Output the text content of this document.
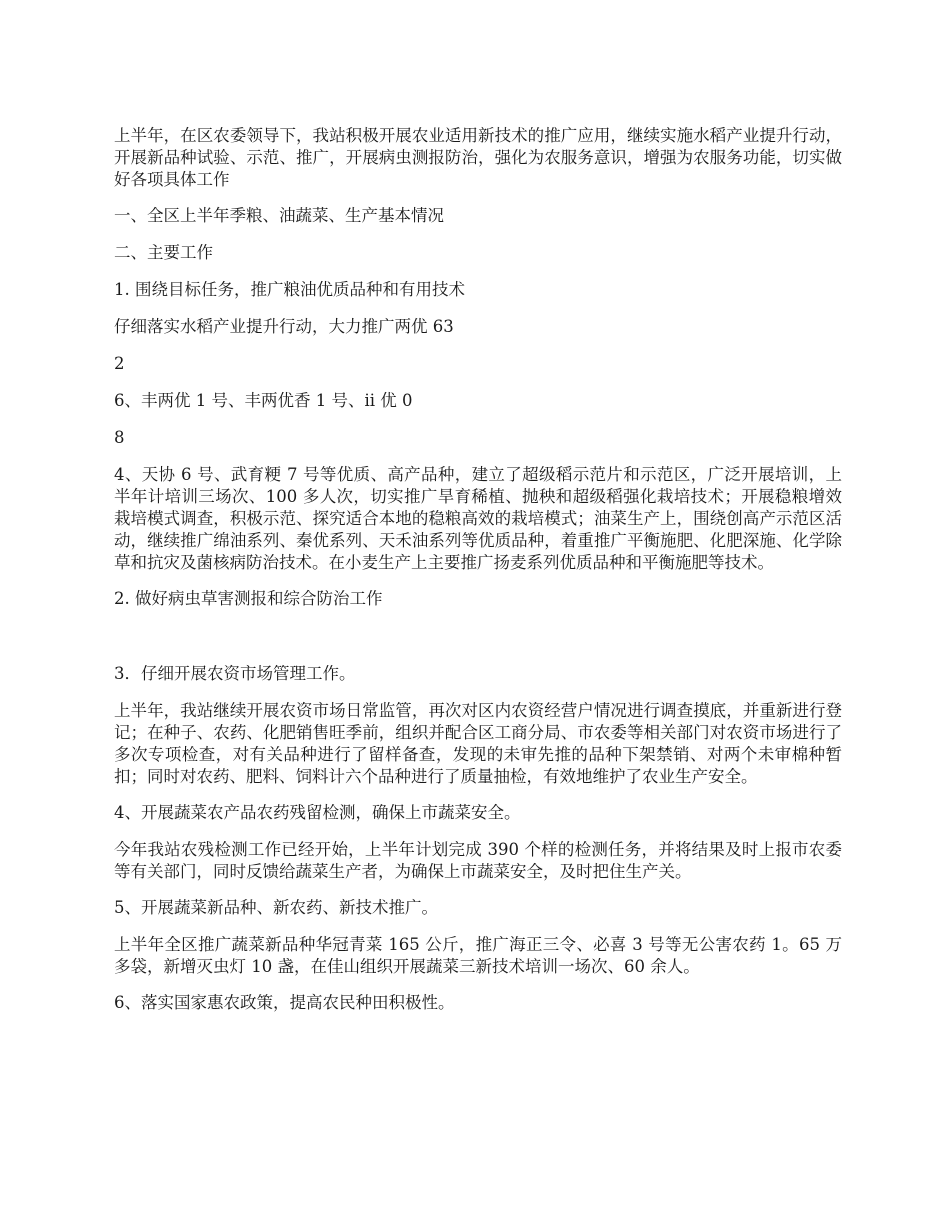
上半年，在区农委领导下，我站积极开展农业适用新技术的推广应用，继续实施水稻产业提升行动，开展新品种试验、示范、推广，开展病虫测报防治，强化为农服务意识，增强为农服务功能，切实做好各项具体工作

一、全区上半年季粮、油蔬菜、生产基本情况

二、主要工作

1. 围绕目标任务，推广粮油优质品种和有用技术

仔细落实水稻产业提升行动，大力推广两优 63

2

6、丰两优 1 号、丰两优香 1 号、ii 优 0

8

4、天协 6 号、武育粳 7 号等优质、高产品种，建立了超级稻示范片和示范区，广泛开展培训，上半年计培训三场次、100 多人次，切实推广旱育稀植、抛秧和超级稻强化栽培技术；开展稳粮增效栽培模式调查，积极示范、探究适合本地的稳粮高效的栽培模式；油菜生产上，围绕创高产示范区活动，继续推广绵油系列、秦优系列、天禾油系列等优质品种，着重推广平衡施肥、化肥深施、化学除草和抗灾及菌核病防治技术。在小麦生产上主要推广扬麦系列优质品种和平衡施肥等技术。

2. 做好病虫草害测报和综合防治工作

3．仔细开展农资市场管理工作。

上半年，我站继续开展农资市场日常监管，再次对区内农资经营户情况进行调查摸底，并重新进行登记；在种子、农药、化肥销售旺季前，组织并配合区工商分局、市农委等相关部门对农资市场进行了多次专项检查，对有关品种进行了留样备查，发现的未审先推的品种下架禁销、对两个未审棉种暂扣；同时对农药、肥料、饲料计六个品种进行了质量抽检，有效地维护了农业生产安全。

4、开展蔬菜农产品农药残留检测，确保上市蔬菜安全。

今年我站农残检测工作已经开始，上半年计划完成 390 个样的检测任务，并将结果及时上报市农委等有关部门，同时反馈给蔬菜生产者，为确保上市蔬菜安全，及时把住生产关。

5、开展蔬菜新品种、新农药、新技术推广。

上半年全区推广蔬菜新品种华冠青菜 165 公斤，推广海正三令、必喜 3 号等无公害农药 1。65 万多袋，新增灭虫灯 10 盏，在佳山组织开展蔬菜三新技术培训一场次、60 余人。

6、落实国家惠农政策，提高农民种田积极性。
